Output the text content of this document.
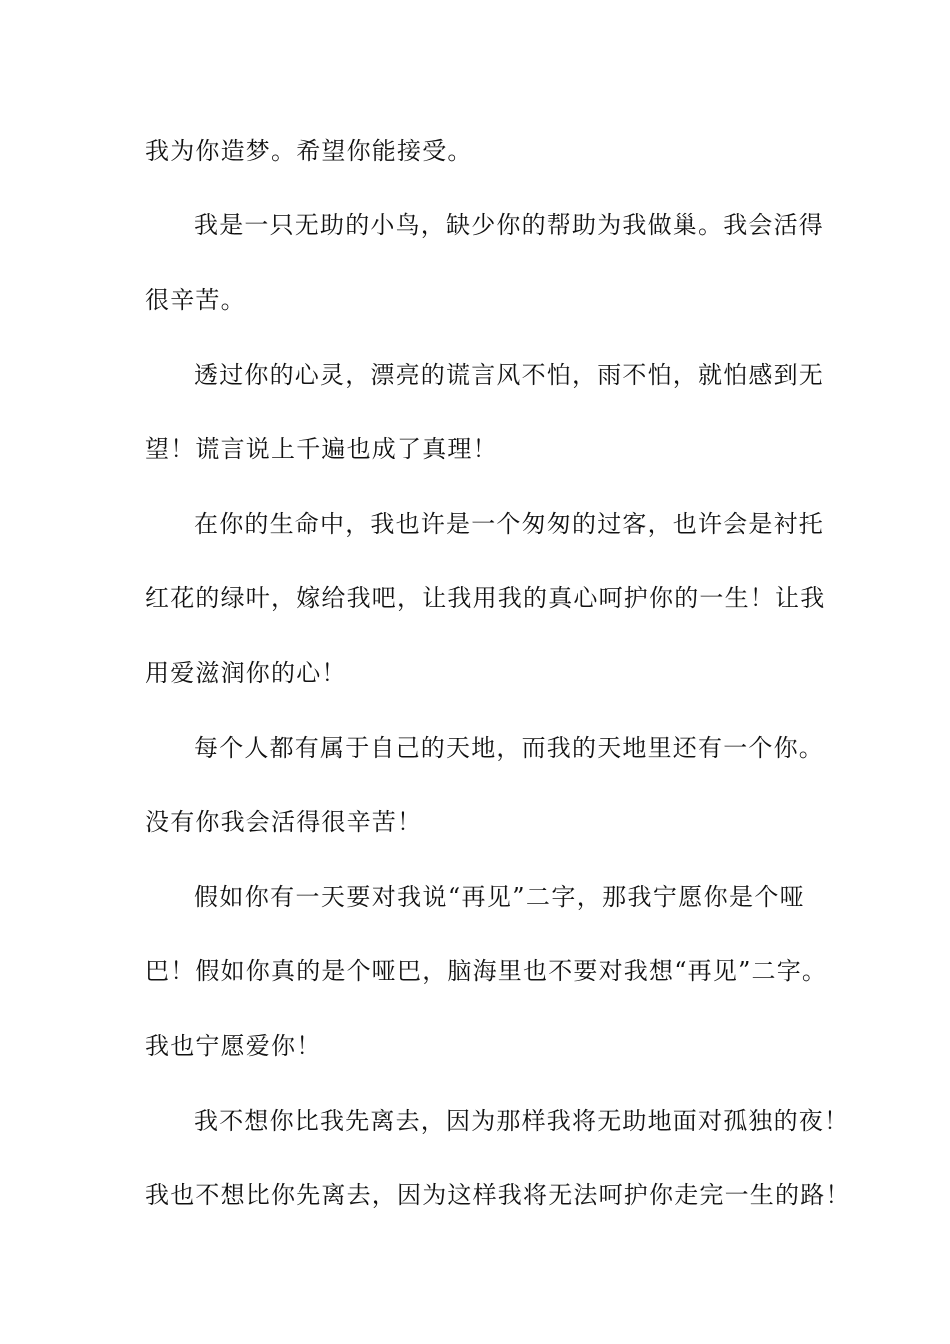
我为你造梦。希望你能接受。
我是一只无助的小鸟，缺少你的帮助为我做巢。我会活得
很辛苦。
透过你的心灵，漂亮的谎言风不怕，雨不怕，就怕感到无
望！谎言说上千遍也成了真理！
在你的生命中，我也许是一个匆匆的过客，也许会是衬托
红花的绿叶，嫁给我吧，让我用我的真心呵护你的一生！让我
用爱滋润你的心！
每个人都有属于自己的天地，而我的天地里还有一个你。
没有你我会活得很辛苦！
假如你有一天要对我说“再见”二字，那我宁愿你是个哑
巴！假如你真的是个哑巴，脑海里也不要对我想“再见”二字。
我也宁愿爱你！
我不想你比我先离去，因为那样我将无助地面对孤独的夜！
我也不想比你先离去，因为这样我将无法呵护你走完一生的路！
